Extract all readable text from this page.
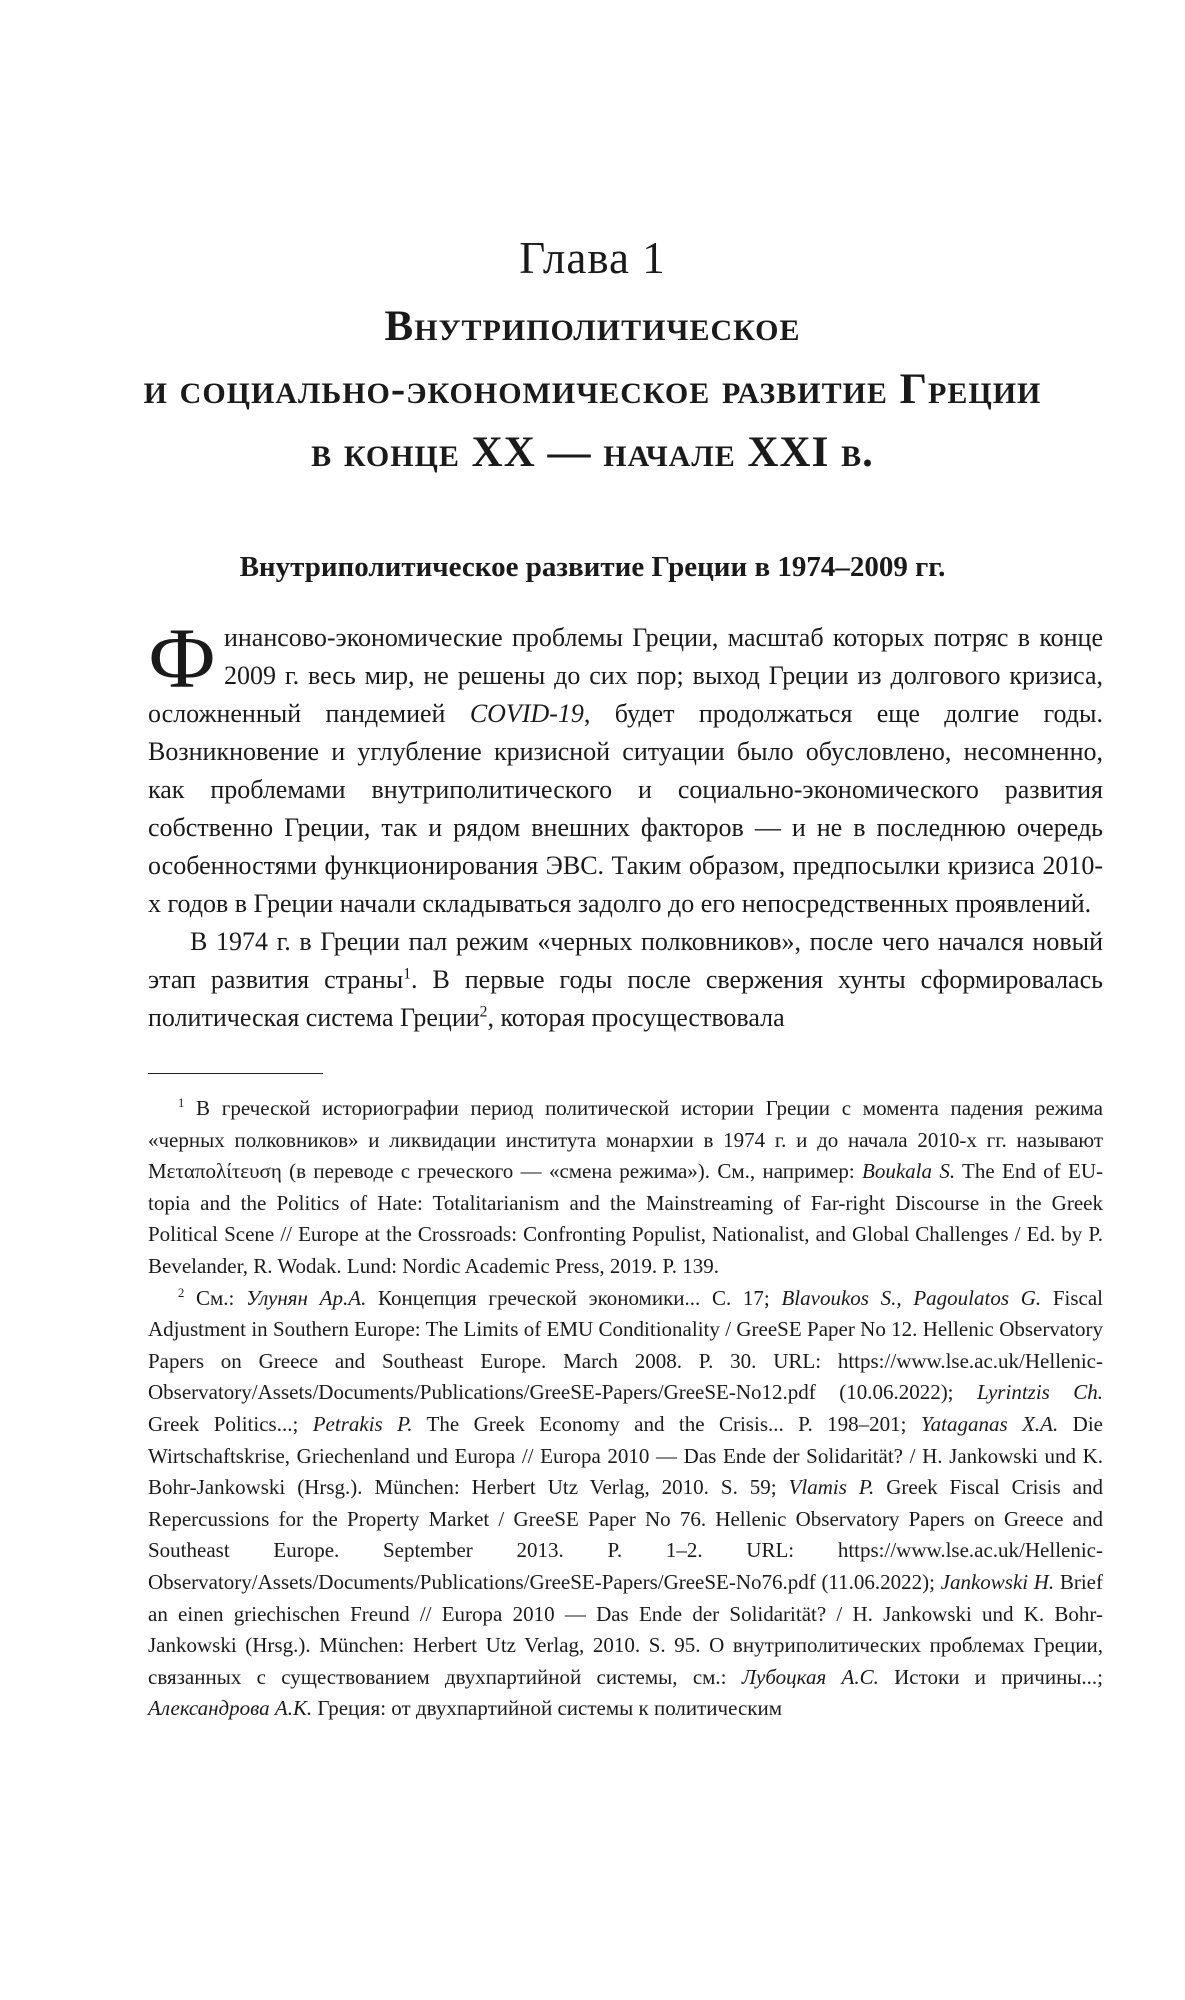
Глава 1
Внутриполитическое
и социально-экономическое развитие Греции
в конце XX — начале XXI в.
Внутриполитическое развитие Греции в 1974–2009 гг.

Финансово-экономические проблемы Греции, масштаб которых потряс в конце 2009 г. весь мир, не решены до сих пор; выход Греции из долгового кризиса, осложненный пандемией COVID-19, будет продолжаться еще долгие годы. Возникновение и углубление кризисной ситуации было обусловлено, несомненно, как проблемами внутриполитического и социально-экономического развития собственно Греции, так и рядом внешних факторов — и не в последнюю очередь особенностями функционирования ЭВС. Таким образом, предпосылки кризиса 2010-х годов в Греции начали складываться задолго до его непосредственных проявлений.

В 1974 г. в Греции пал режим «черных полковников», после чего начался новый этап развития страны$^1$. В первые годы после свержения хунты сформировалась политическая система Греции$^2$, которая просуществовала

$^1$ В греческой историографии период политической истории Греции с момента падения режима «черных полковников» и ликвидации института монархии в 1974 г. и до начала 2010-х гг. называют Μεταπολίτευση (в переводе с греческого — «смена режима»). См., например: Boukala S. The End of EU-topia and the Politics of Hate: Totalitarianism and the Mainstreaming of Far-right Discourse in the Greek Political Scene // Europe at the Crossroads: Confronting Populist, Nationalist, and Global Challenges / Ed. by P. Bevelander, R. Wodak. Lund: Nordic Academic Press, 2019. P. 139.

$^2$ См.: Улунян Ар.А. Концепция греческой экономики... С. 17; Blavoukos S., Pagoulatos G. Fiscal Adjustment in Southern Europe: The Limits of EMU Conditionality / GreeSE Paper No 12. Hellenic Observatory Papers on Greece and Southeast Europe. March 2008. P. 30. URL: https://www.lse.ac.uk/Hellenic-Observatory/Assets/Documents/Publications/GreeSE-Papers/GreeSE-No12.pdf (10.06.2022); Lyrintzis Ch. Greek Politics...; Petrakis P. The Greek Economy and the Crisis... P. 198–201; Yataganas X.A. Die Wirtschaftskrise, Griechenland und Europa // Europa 2010 — Das Ende der Solidarität? / H. Jankowski und K. Bohr-Jankowski (Hrsg.). München: Herbert Utz Verlag, 2010. S. 59; Vlamis P. Greek Fiscal Crisis and Repercussions for the Property Market / GreeSE Paper No 76. Hellenic Observatory Papers on Greece and Southeast Europe. September 2013. P. 1–2. URL: https://www.lse.ac.uk/Hellenic-Observatory/Assets/Documents/Publications/GreeSE-Papers/GreeSE-No76.pdf (11.06.2022); Jankowski H. Brief an einen griechischen Freund // Europa 2010 — Das Ende der Solidarität? / H. Jankowski und K. Bohr-Jankowski (Hrsg.). München: Herbert Utz Verlag, 2010. S. 95. О внутриполитических проблемах Греции, связанных с существованием двухпартийной системы, см.: Лубоцкая А.С. Истоки и причины...; Александрова А.К. Греция: от двухпартийной системы к политическим
